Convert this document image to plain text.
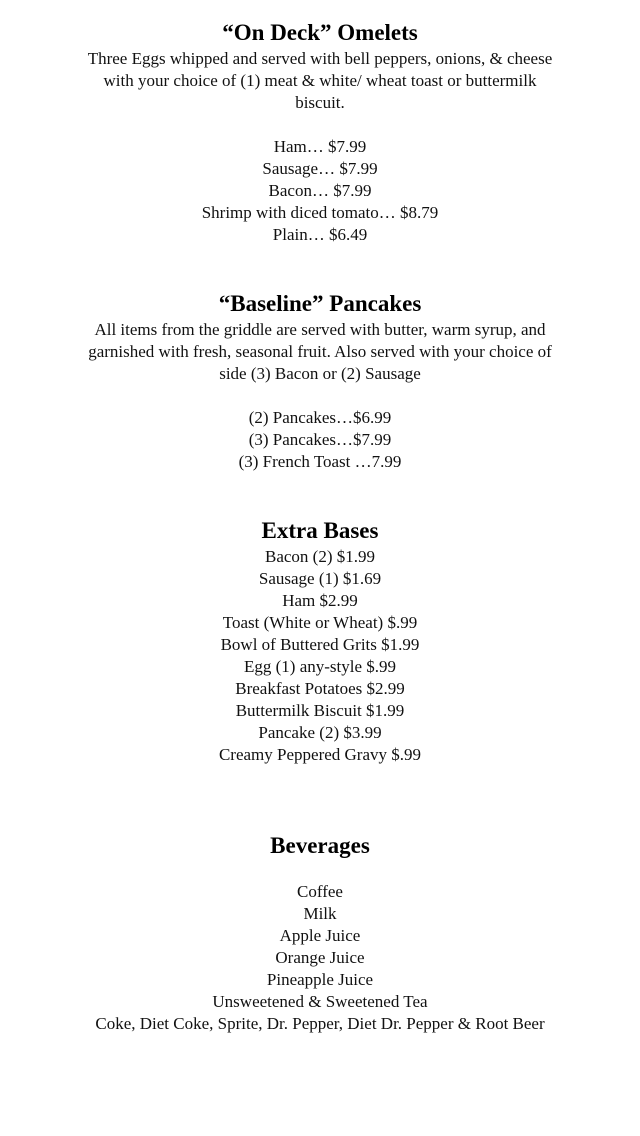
“On Deck” Omelets

Three Eggs whipped and served with bell peppers, onions, & cheese with your choice of (1) meat & white/ wheat toast or buttermilk biscuit.

Ham… $7.99
Sausage… $7.99
Bacon… $7.99
Shrimp with diced tomato… $8.79
Plain… $6.49
“Baseline” Pancakes

All items from the griddle are served with butter, warm syrup, and garnished with fresh, seasonal fruit. Also served with your choice of side (3) Bacon or (2) Sausage

(2) Pancakes…$6.99
(3) Pancakes…$7.99
(3) French Toast …7.99
Extra Bases
Bacon (2) $1.99
Sausage (1) $1.69
Ham $2.99
Toast (White or Wheat) $.99
Bowl of Buttered Grits $1.99
Egg (1) any-style $.99
Breakfast Potatoes $2.99
Buttermilk Biscuit $1.99
Pancake (2) $3.99
Creamy Peppered Gravy $.99
Beverages
Coffee
Milk
Apple Juice
Orange Juice
Pineapple Juice
Unsweetened & Sweetened Tea
Coke, Diet Coke, Sprite, Dr. Pepper, Diet Dr. Pepper & Root Beer
